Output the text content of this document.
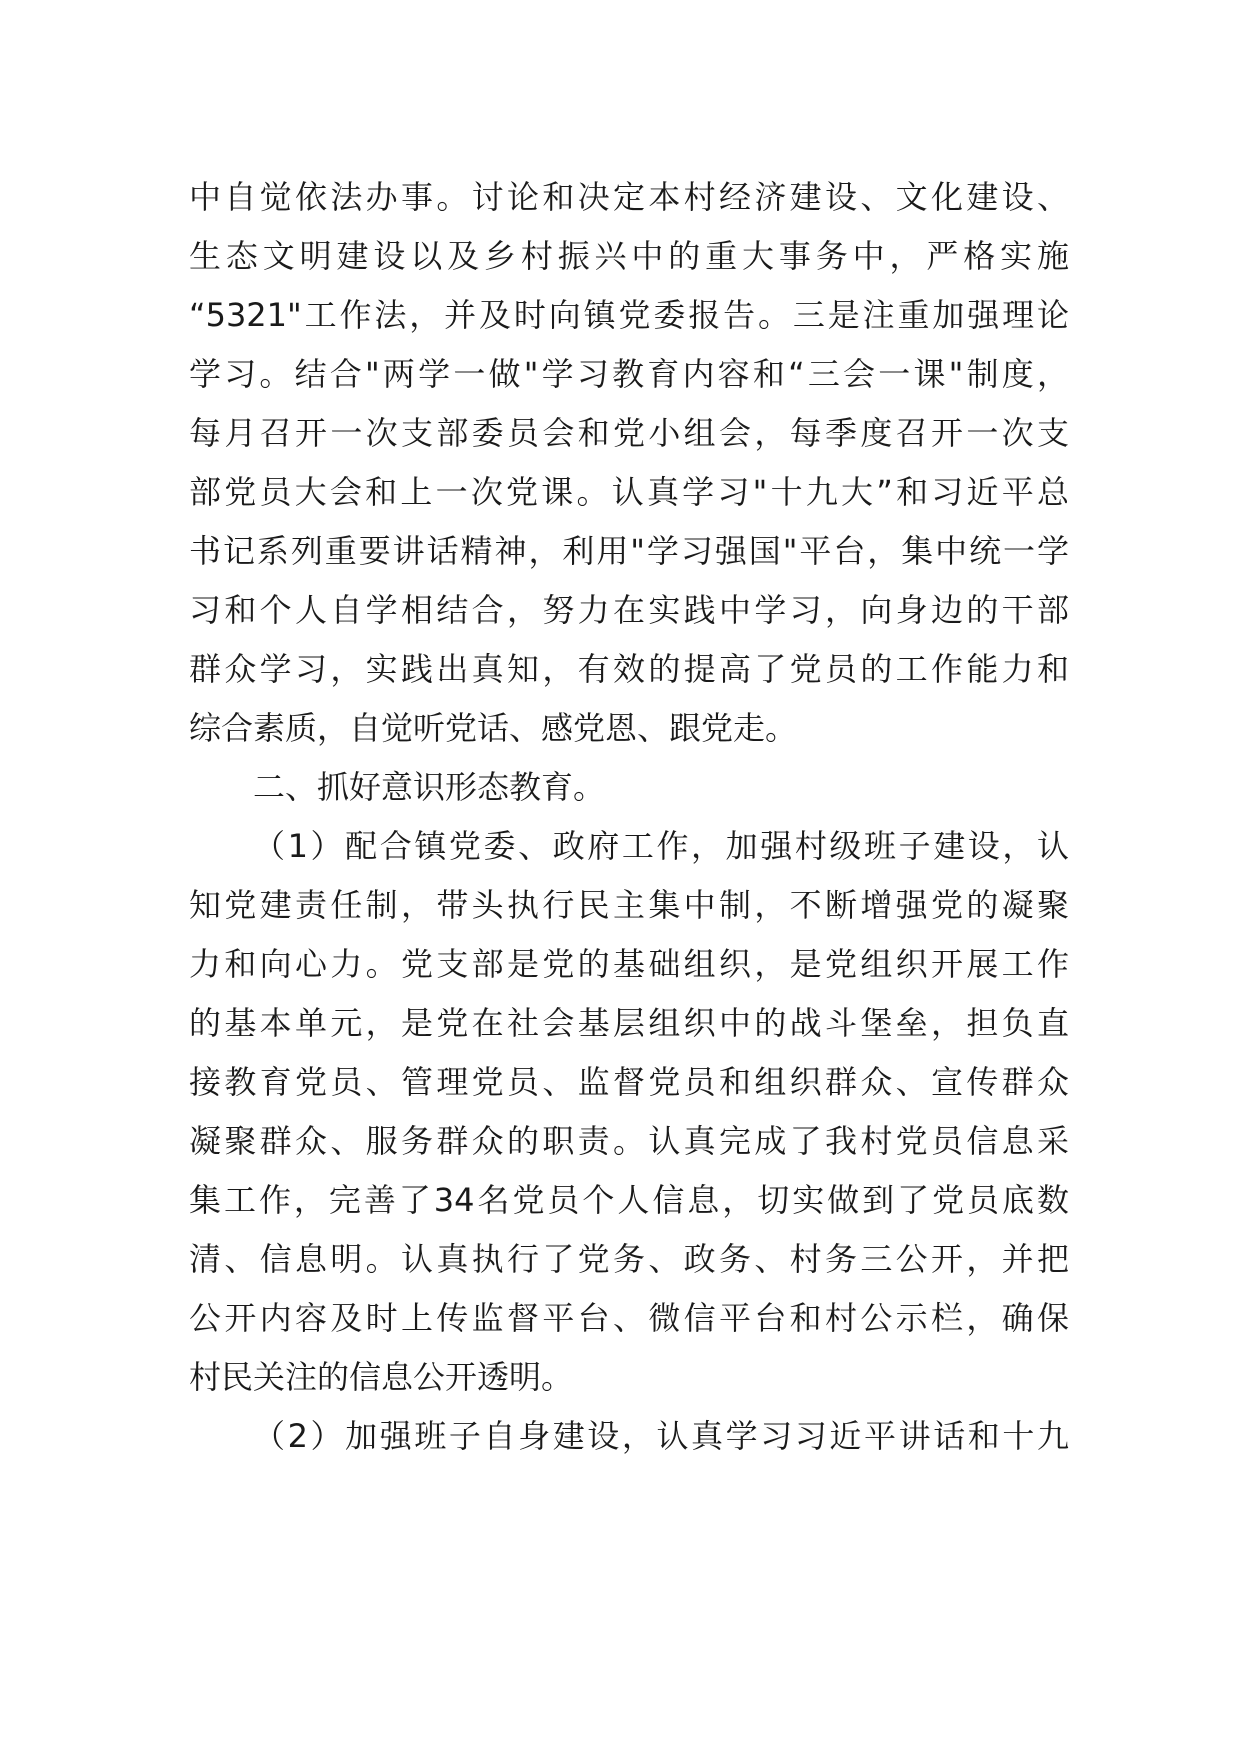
中自觉依法办事。讨论和决定本村经济建设、文化建设、
生态文明建设以及乡村振兴中的重大事务中，严格实施
“5321"工作法，并及时向镇党委报告。三是注重加强理论
学习。结合"两学一做"学习教育内容和“三会一课"制度，
每月召开一次支部委员会和党小组会，每季度召开一次支
部党员大会和上一次党课。认真学习"十九大”和习近平总
书记系列重要讲话精神，利用"学习强国"平台，集中统一学
习和个人自学相结合，努力在实践中学习，向身边的干部
群众学习，实践出真知，有效的提高了党员的工作能力和
综合素质，自觉听党话、感党恩、跟党走。
二、抓好意识形态教育。
（1）配合镇党委、政府工作，加强村级班子建设，认
知党建责任制，带头执行民主集中制，不断增强党的凝聚
力和向心力。党支部是党的基础组织，是党组织开展工作
的基本单元，是党在社会基层组织中的战斗堡垒，担负直
接教育党员、管理党员、监督党员和组织群众、宣传群众
凝聚群众、服务群众的职责。认真完成了我村党员信息采
集工作，完善了34名党员个人信息，切实做到了党员底数
清、信息明。认真执行了党务、政务、村务三公开，并把
公开内容及时上传监督平台、微信平台和村公示栏，确保
村民关注的信息公开透明。
（2）加强班子自身建设，认真学习习近平讲话和十九
